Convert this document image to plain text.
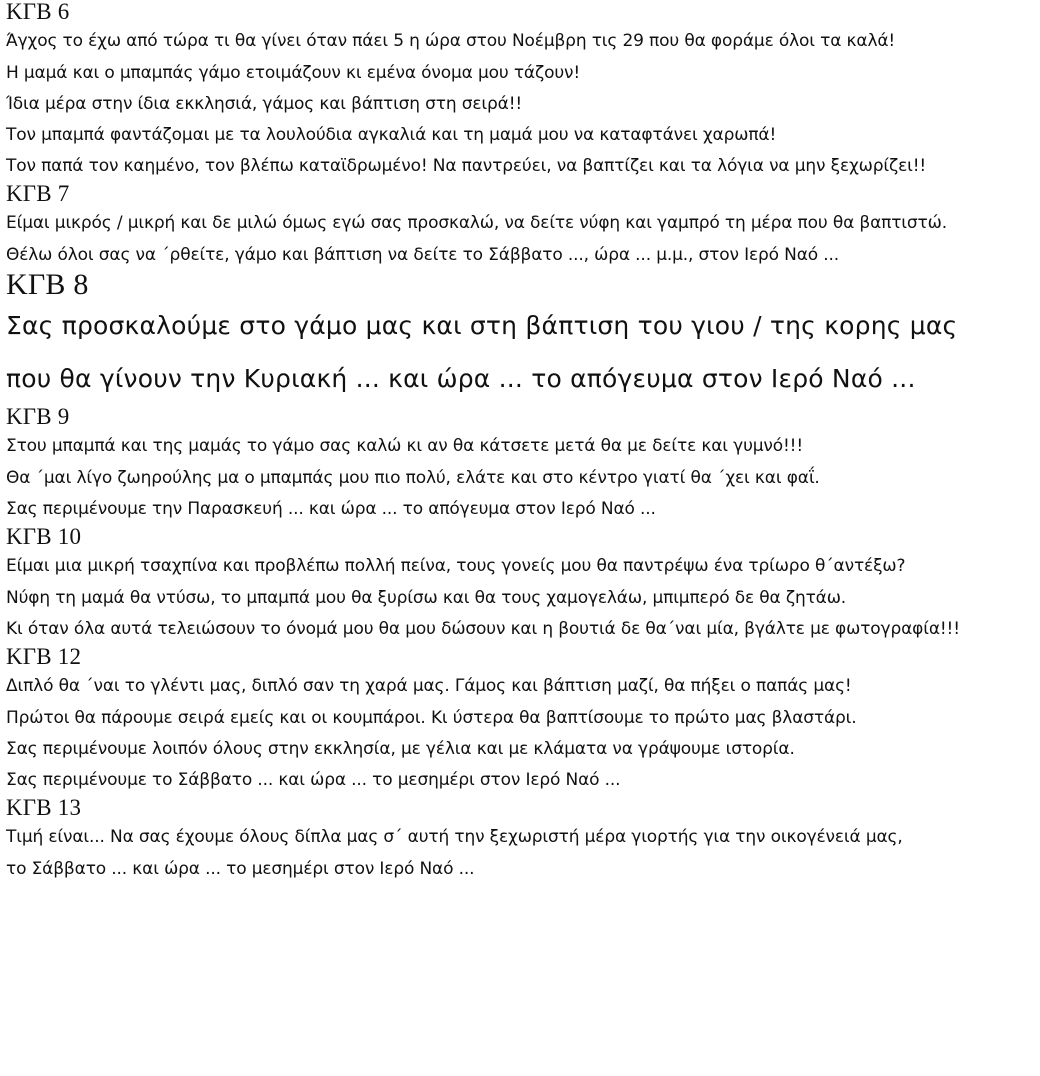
ΚΓΒ 6
Άγχος το έχω από τώρα τι θα γίνει όταν πάει 5 η ώρα στου Νοέμβρη τις 29 που θα φοράμε όλοι τα καλά!
Η μαμά και ο μπαμπάς γάμο ετοιμάζουν κι εμένα όνομα μου τάζουν!
Ίδια μέρα στην ίδια εκκλησιά, γάμος και βάπτιση στη σειρά!!
Τον μπαμπά φαντάζομαι με τα λουλούδια αγκαλιά και τη μαμά μου να καταφτάνει χαρωπά!
Τον παπά τον καημένο, τον βλέπω καταϊδρωμένο! Να παντρεύει, να βαπτίζει και τα λόγια να μην ξεχωρίζει!!
ΚΓΒ 7
Είμαι μικρός / μικρή και δε μιλώ όμως εγώ σας προσκαλώ, να δείτε νύφη και γαμπρό τη μέρα που θα βαπτιστώ.
Θέλω όλοι σας να ΄ρθείτε, γάμο και βάπτιση να δείτε το Σάββατο ..., ώρα ... μ.μ., στον Ιερό Ναό ...
ΚΓΒ 8
Σας προσκαλούμε στο γάμο μας και στη βάπτιση του γιου / της κορης μας
που θα γίνουν την Κυριακή ... και ώρα ... το απόγευμα στον Ιερό Ναό ...
ΚΓΒ 9
Στου μπαμπά και της μαμάς το γάμο σας καλώ κι αν θα κάτσετε μετά θα με δείτε και γυμνό!!!
Θα ΄μαι λίγο ζωηρούλης μα ο μπαμπάς μου πιο πολύ, ελάτε και στο κέντρο γιατί θα ΄χει και φαΐ.
Σας περιμένουμε την Παρασκευή ... και ώρα ... το απόγευμα στον Ιερό Ναό ...
ΚΓΒ 10
Είμαι μια μικρή τσαχπίνα και προβλέπω πολλή πείνα, τους γονείς μου θα παντρέψω ένα τρίωρο θ΄αντέξω?
Νύφη τη μαμά θα ντύσω, το μπαμπά μου θα ξυρίσω και θα τους χαμογελάω, μπιμπερό δε θα ζητάω.
Κι όταν όλα αυτά τελειώσουν το όνομά μου θα μου δώσουν και η βουτιά δε θα΄ναι μία, βγάλτε με φωτογραφία!!!
ΚΓΒ 12
Διπλό θα ΄ναι το γλέντι μας, διπλό σαν τη χαρά μας. Γάμος και βάπτιση μαζί, θα πήξει ο παπάς μας!
Πρώτοι θα πάρουμε σειρά εμείς και οι κουμπάροι. Κι ύστερα θα βαπτίσουμε το πρώτο μας βλαστάρι.
Σας περιμένουμε λοιπόν όλους στην εκκλησία, με γέλια και με κλάματα να γράψουμε ιστορία.
Σας περιμένουμε το Σάββατο ... και ώρα ... το μεσημέρι στον Ιερό Ναό ...
ΚΓΒ 13
Τιμή είναι... Να σας έχουμε όλους δίπλα μας σ΄ αυτή την ξεχωριστή μέρα γιορτής για την οικογένειά μας,
το Σάββατο ... και ώρα ... το μεσημέρι στον Ιερό Ναό ...
